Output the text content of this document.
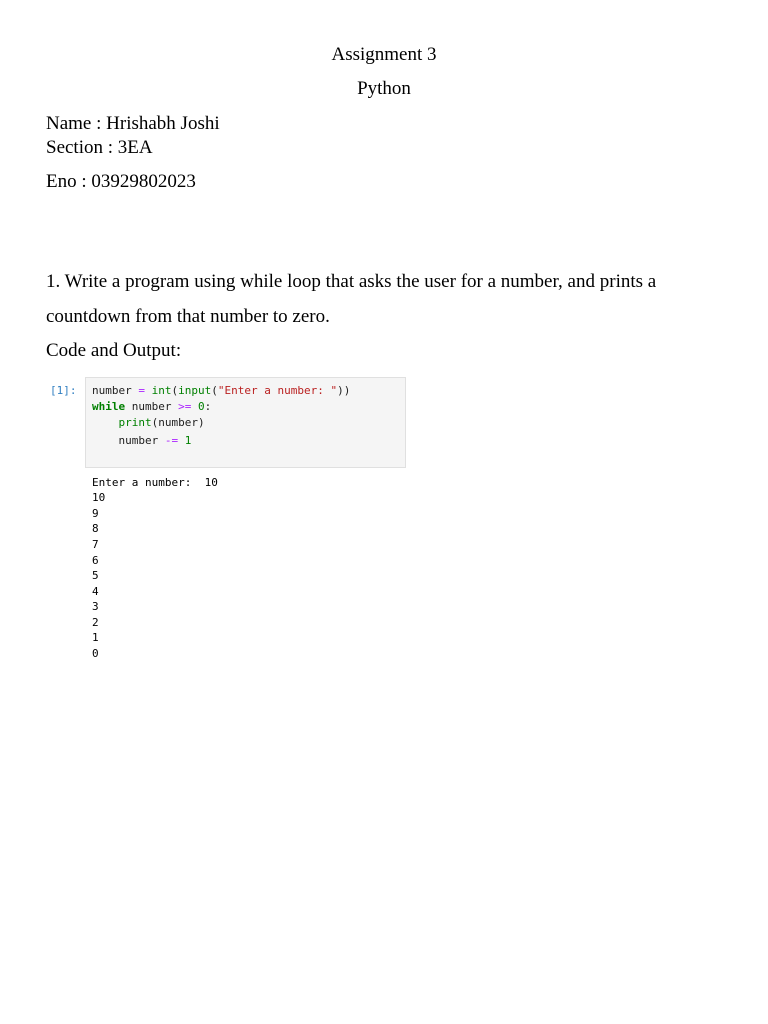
Assignment 3

Python

Name : Hrishabh Joshi

Section : 3EA

Eno : 03929802023

1. Write a program using while loop that asks the user for a number, and prints a

countdown from that number to zero.

Code and Output:

[1]: number = int(input("Enter a number: "))
while number >= 0:
print(number)
number -= 1
Enter a number:  10
10
9
8
7
6
5
4
3
2
1
0
